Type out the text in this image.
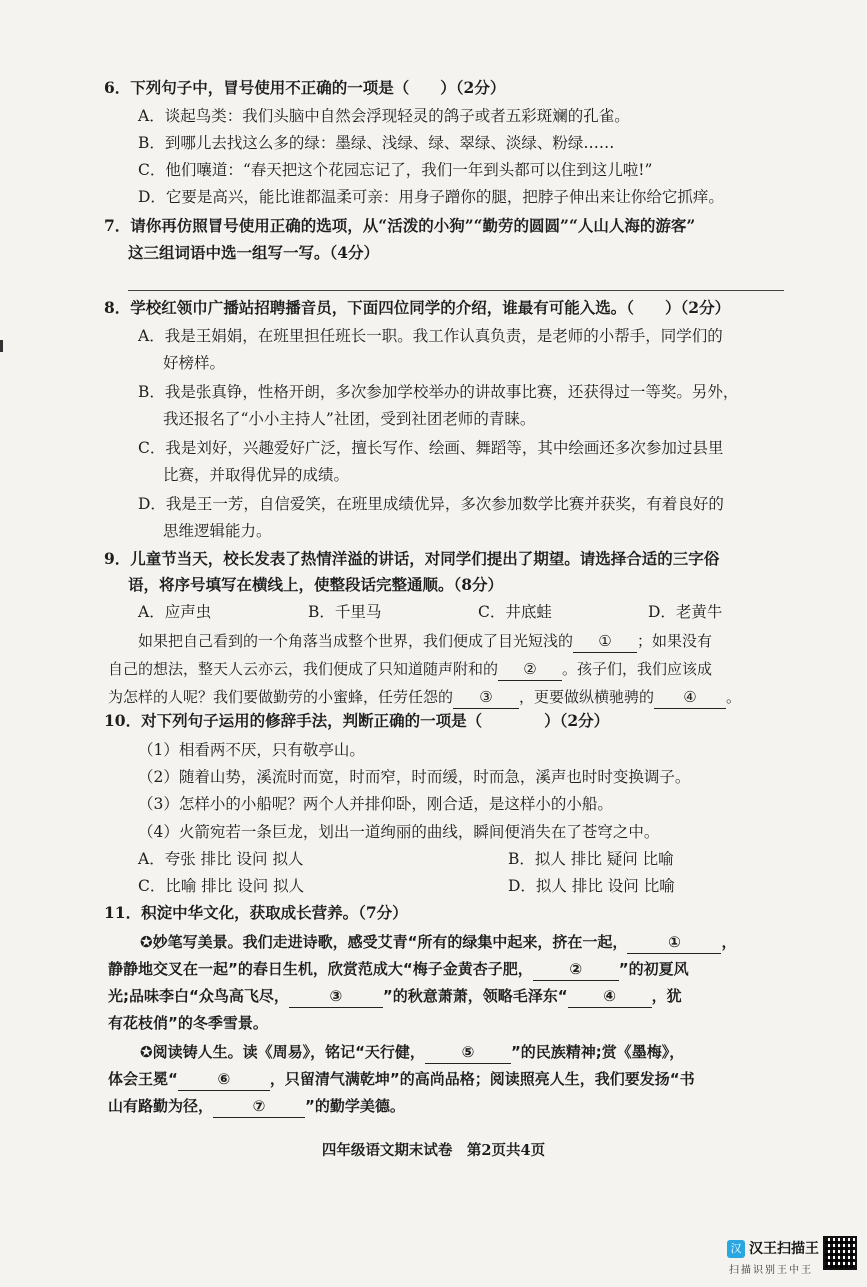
6．下列句子中，冒号使用不正确的一项是（　　）（2分）
A．谈起鸟类：我们头脑中自然会浮现轻灵的鸽子或者五彩斑斓的孔雀。
B．到哪儿去找这么多的绿：墨绿、浅绿、绿、翠绿、淡绿、粉绿……
C．他们嚷道：“春天把这个花园忘记了，我们一年到头都可以住到这儿啦!”
D．它要是高兴，能比谁都温柔可亲：用身子蹭你的腿，把脖子伸出来让你给它抓痒。
7．请你再仿照冒号使用正确的选项，从“活泼的小狗”“勤劳的圆圆”“人山人海的游客”
这三组词语中选一组写一写。（4分）
8．学校红领巾广播站招聘播音员，下面四位同学的介绍，谁最有可能入选。（　　）（2分）
A．我是王娟娟，在班里担任班长一职。我工作认真负责，是老师的小帮手，同学们的
好榜样。
B．我是张真铮，性格开朗，多次参加学校举办的讲故事比赛，还获得过一等奖。另外，
我还报名了“小小主持人”社团，受到社团老师的青睐。
C．我是刘好，兴趣爱好广泛，擅长写作、绘画、舞蹈等，其中绘画还多次参加过县里
比赛，并取得优异的成绩。
D．我是王一芳，自信爱笑，在班里成绩优异，多次参加数学比赛并获奖，有着良好的
思维逻辑能力。
9．儿童节当天，校长发表了热情洋溢的讲话，对同学们提出了期望。请选择合适的三字俗
语，将序号填写在横线上，使整段话完整通顺。（8分）
A．应声虫	B．千里马	C．井底蛙	D．老黄牛
如果把自己看到的一个角落当成整个世界，我们便成了目光短浅的 ① ；如果没有
自己的想法，整天人云亦云，我们便成了只知道随声附和的 ② 。孩子们，我们应该成
为怎样的人呢？我们要做勤劳的小蜜蜂，任劳任怨的 ③ ，更要做纵横驰骋的 ④ 。
10．对下列句子运用的修辞手法，判断正确的一项是（　　　　）（2分）
（1）相看两不厌，只有敬亭山。
（2）随着山势，溪流时而宽，时而窄，时而缓，时而急，溪声也时时变换调子。
（3）怎样小的小船呢？两个人并排仰卧，刚合适，是这样小的小船。
（4）火箭宛若一条巨龙，划出一道绚丽的曲线，瞬间便消失在了苍穹之中。
A．夸张 排比 设问 拟人	B．拟人 排比 疑问 比喻
C．比喻 排比 设问 拟人	D．拟人 排比 设问 比喻
11．积淀中华文化，获取成长营养。（7分）
✪妙笔写美景。我们走进诗歌，感受艾青“所有的绿集中起来，挤在一起，	①	，
静静地交叉在一起”的春日生机，欣赏范成大“梅子金黄杏子肥， ② ”的初夏风
光;品味李白“众鸟高飞尽，	③	”的秋意萧萧，领略毛泽东“ ④ ，犹
有花枝俏”的冬季雪景。
✪阅读铸人生。读《周易》，铭记“天行健， ⑤ ”的民族精神;赏《墨梅》，
体会王冕“	⑥	，只留清气满乾坤”的高尚品格；阅读照亮人生，我们要发扬“书
山有路勤为径，	⑦	”的勤学美德。
四年级语文期末试卷　第2页共4页
汉 汉王扫描王
扫描识别王中王
